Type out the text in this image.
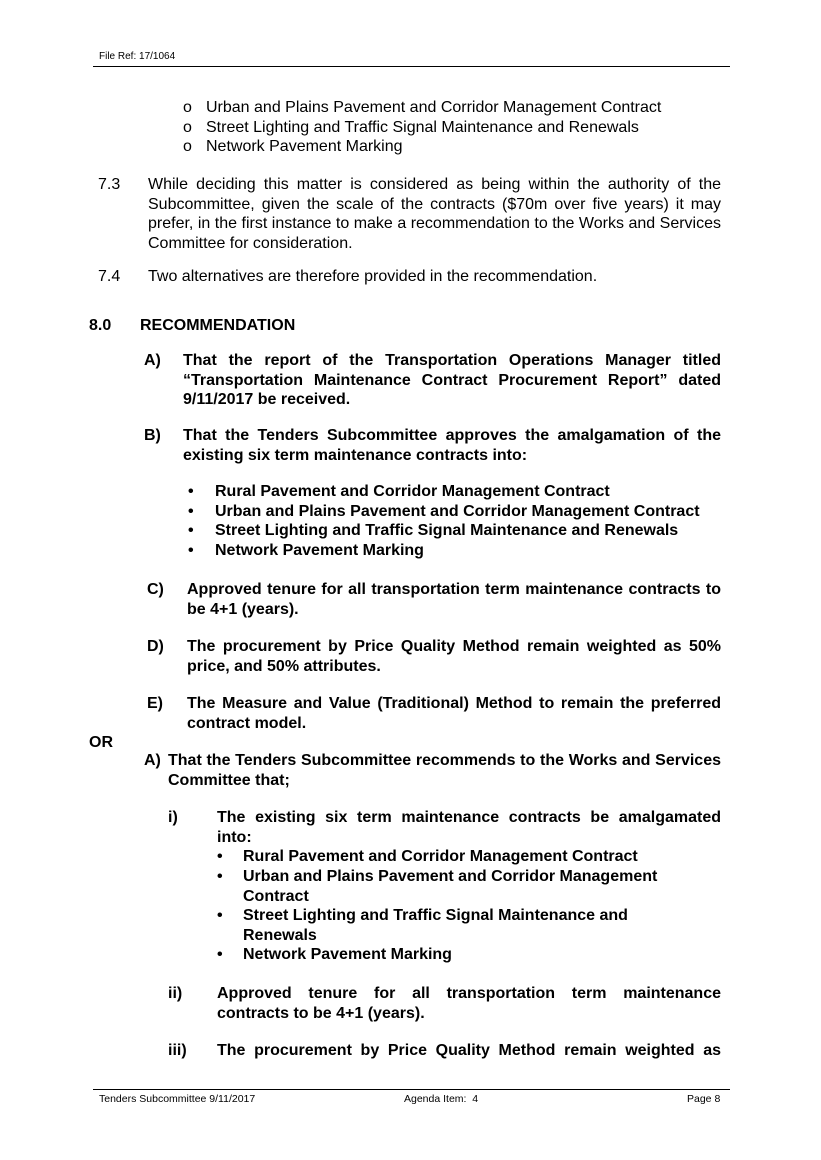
File Ref: 17/1064
o Urban and Plains Pavement and Corridor Management Contract
o Street Lighting and Traffic Signal Maintenance and Renewals
o Network Pavement Marking
7.3 While deciding this matter is considered as being within the authority of the Subcommittee, given the scale of the contracts ($70m over five years) it may prefer, in the first instance to make a recommendation to the Works and Services Committee for consideration.
7.4 Two alternatives are therefore provided in the recommendation.
8.0 RECOMMENDATION
A) That the report of the Transportation Operations Manager titled “Transportation Maintenance Contract Procurement Report” dated 9/11/2017 be received.
B) That the Tenders Subcommittee approves the amalgamation of the existing six term maintenance contracts into:
• Rural Pavement and Corridor Management Contract
• Urban and Plains Pavement and Corridor Management Contract
• Street Lighting and Traffic Signal Maintenance and Renewals
• Network Pavement Marking
C) Approved tenure for all transportation term maintenance contracts to be 4+1 (years).
D) The procurement by Price Quality Method remain weighted as 50% price, and 50% attributes.
E) The Measure and Value (Traditional) Method to remain the preferred contract model.
OR
A) That the Tenders Subcommittee recommends to the Works and Services Committee that;
i) The existing six term maintenance contracts be amalgamated into:
• Rural Pavement and Corridor Management Contract
• Urban and Plains Pavement and Corridor Management Contract
• Street Lighting and Traffic Signal Maintenance and Renewals
• Network Pavement Marking
ii) Approved tenure for all transportation term maintenance contracts to be 4+1 (years).
iii) The procurement by Price Quality Method remain weighted as
Tenders Subcommittee 9/11/2017	Agenda Item:  4	Page 8
